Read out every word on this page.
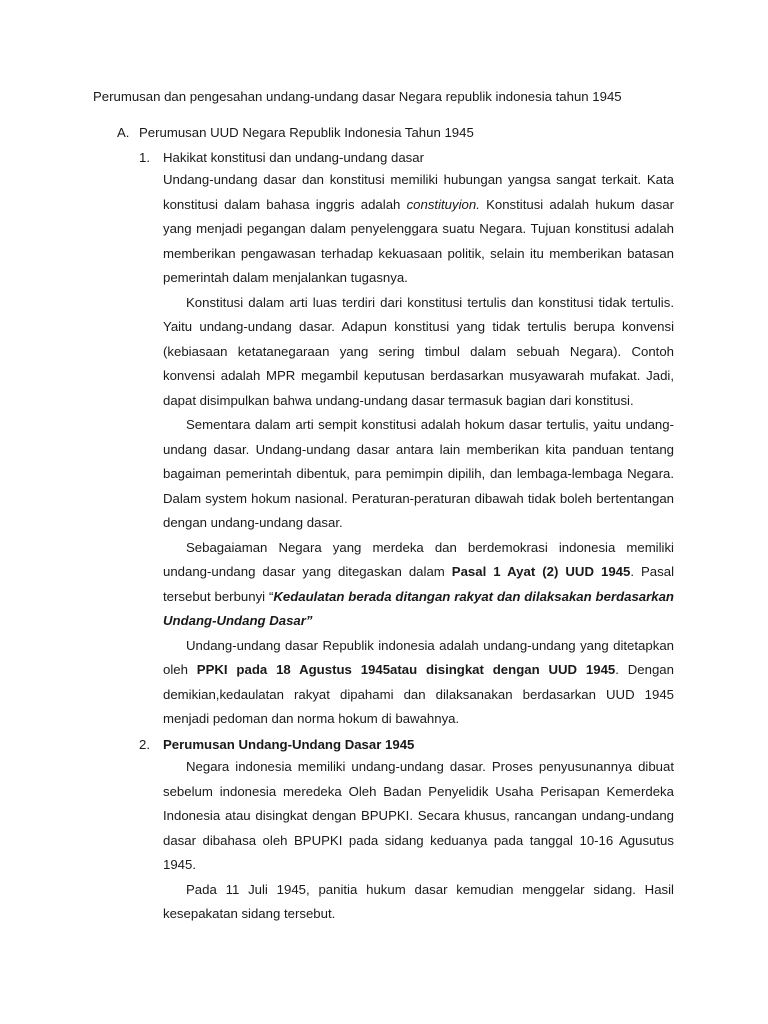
Perumusan dan pengesahan undang-undang dasar Negara republik indonesia tahun 1945
A. Perumusan UUD Negara Republik Indonesia Tahun 1945
1. Hakikat konstitusi dan undang-undang dasar

Undang-undang dasar dan konstitusi memiliki hubungan yangsa sangat terkait. Kata konstitusi dalam bahasa inggris adalah constituyion. Konstitusi adalah hukum dasar yang menjadi pegangan dalam penyelenggara suatu Negara. Tujuan konstitusi adalah memberikan pengawasan terhadap kekuasaan politik, selain itu memberikan batasan pemerintah dalam menjalankan tugasnya.

Konstitusi dalam arti luas terdiri dari konstitusi tertulis dan konstitusi tidak tertulis. Yaitu undang-undang dasar. Adapun konstitusi yang tidak tertulis berupa konvensi (kebiasaan ketatanegaraan yang sering timbul dalam sebuah Negara). Contoh konvensi adalah MPR megambil keputusan berdasarkan musyawarah mufakat. Jadi, dapat disimpulkan bahwa undang-undang dasar termasuk bagian dari konstitusi.

Sementara dalam arti sempit konstitusi adalah hokum dasar tertulis, yaitu undang-undang dasar. Undang-undang dasar antara lain memberikan kita panduan tentang bagaiman pemerintah dibentuk, para pemimpin dipilih, dan lembaga-lembaga Negara. Dalam system hokum nasional. Peraturan-peraturan dibawah tidak boleh bertentangan dengan undang-undang dasar.

Sebagaiaman Negara yang merdeka dan berdemokrasi indonesia memiliki undang-undang dasar yang ditegaskan dalam Pasal 1 Ayat (2) UUD 1945. Pasal tersebut berbunyi “Kedaulatan berada ditangan rakyat dan dilaksakan berdasarkan Undang-Undang Dasar”

Undang-undang dasar Republik indonesia adalah undang-undang yang ditetapkan oleh PPKI pada 18 Agustus 1945atau disingkat dengan UUD 1945. Dengan demikian,kedaulatan rakyat dipahami dan dilaksanakan berdasarkan UUD 1945 menjadi pedoman dan norma hokum di bawahnya.

2. Perumusan Undang-Undang Dasar 1945

Negara indonesia memiliki undang-undang dasar. Proses penyusunannya dibuat sebelum indonesia meredeka Oleh Badan Penyelidik Usaha Perisapan Kemerdeka Indonesia atau disingkat dengan BPUPKI. Secara khusus, rancangan undang-undang dasar dibahasa oleh BPUPKI pada sidang keduanya pada tanggal 10-16 Agusutus 1945.

Pada 11 Juli 1945, panitia hukum dasar kemudian menggelar sidang. Hasil kesepakatan sidang tersebut.
